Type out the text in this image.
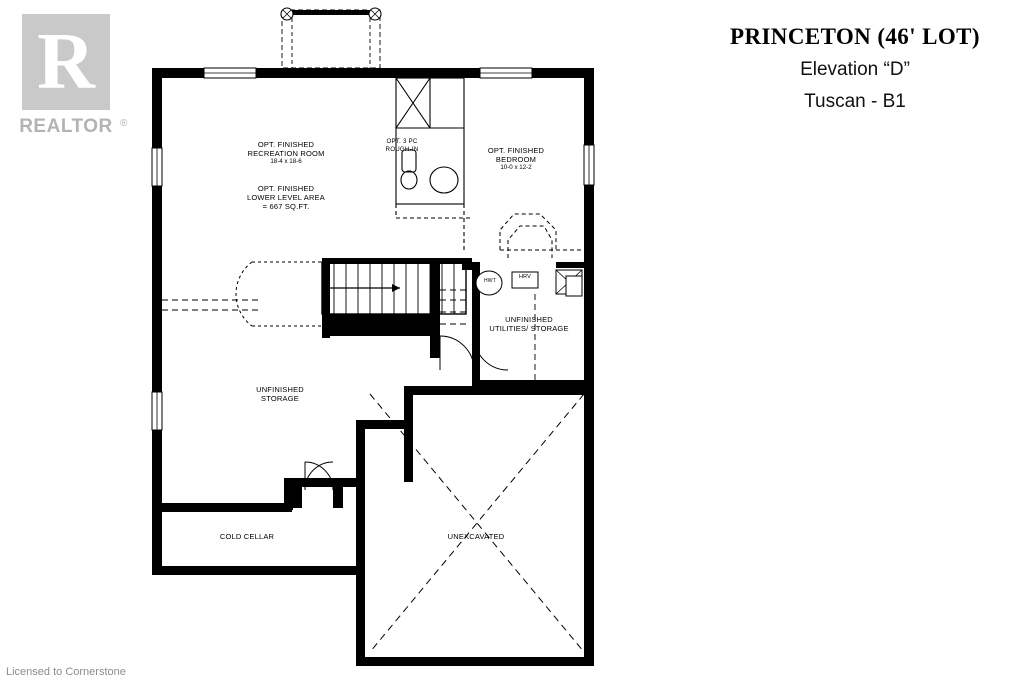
R
REALTOR ®
PRINCETON (46' LOT)
Elevation “D”
Tuscan - B1
Licensed to Cornerstone
OPT. FINISHED
RECREATION ROOM
18-4 x 18-6
OPT. FINISHED
LOWER LEVEL AREA
= 667 SQ.FT.
OPT. FINISHED
BEDROOM
10-0 x 12-2
OPT. 3 PC
ROUGH-IN
UNFINISHED
UTILITIES/ STORAGE
UNFINISHED
STORAGE
COLD CELLAR	UNEXCAVATED
HRV
HWT
